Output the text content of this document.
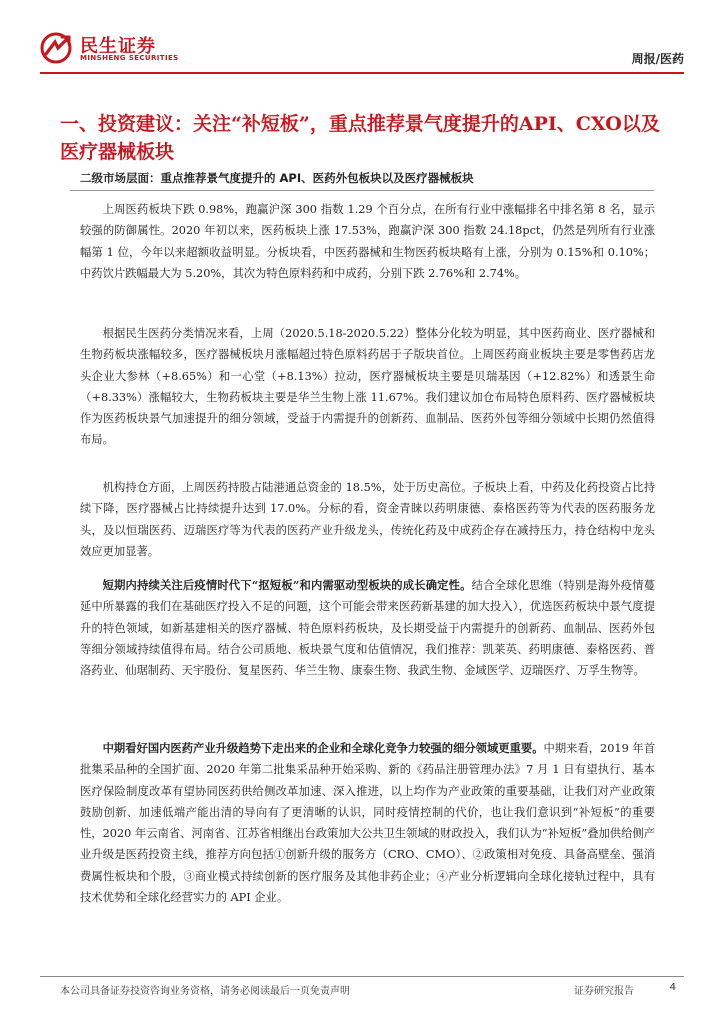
民生证券
MINSHENG SECURITIES	周报/医药
一、投资建议：关注“补短板”，重点推荐景气度提升的API、CXO以及医疗器械板块
二级市场层面：重点推荐景气度提升的 API、医药外包板块以及医疗器械板块
上周医药板块下跌 0.98%，跑赢沪深 300 指数 1.29 个百分点，在所有行业中涨幅排名中排名第 8 名，显示较强的防御属性。2020 年初以来，医药板块上涨 17.53%，跑赢沪深 300 指数 24.18pct，仍然是列所有行业涨幅第 1 位，今年以来超额收益明显。分板块看，中医药器械和生物医药板块略有上涨，分别为 0.15%和 0.10%；中药饮片跌幅最大为 5.20%，其次为特色原料药和中成药，分别下跌 2.76%和 2.74%。
根据民生医药分类情况来看，上周（2020.5.18-2020.5.22）整体分化较为明显，其中医药商业、医疗器械和生物药板块涨幅较多，医疗器械板块月涨幅超过特色原料药居于子版块首位。上周医药商业板块主要是零售药店龙头企业大参林（+8.65%）和一心堂（+8.13%）拉动，医疗器械板块主要是贝瑞基因（+12.82%）和透景生命（+8.33%）涨幅较大，生物药板块主要是华兰生物上涨 11.67%。我们建议加仓布局特色原料药、医疗器械板块作为医药板块景气加速提升的细分领域，受益于内需提升的创新药、血制品、医药外包等细分领域中长期仍然值得布局。
机构持仓方面，上周医药持股占陆港通总资金的 18.5%，处于历史高位。子板块上看，中药及化药投资占比持续下降，医疗器械占比持续提升达到 17.0%。分标的看，资金青睐以药明康德、泰格医药等为代表的医药服务龙头，及以恒瑞医药、迈瑞医疗等为代表的医药产业升级龙头，传统化药及中成药企存在减持压力，持仓结构中龙头效应更加显著。
短期内持续关注后疫情时代下“抠短板”和内需驱动型板块的成长确定性。结合全球化思维（特别是海外疫情蔓延中所暴露的我们在基础医疗投入不足的问题，这个可能会带来医药新基建的加大投入），优选医药板块中景气度提升的特色领域，如新基建相关的医疗器械、特色原料药板块，及长期受益于内需提升的创新药、血制品、医药外包等细分领域持续值得布局。结合公司质地、板块景气度和估值情况，我们推荐：凯莱英、药明康德、泰格医药、普洛药业、仙琚制药、天宇股份、复星医药、华兰生物、康泰生物、我武生物、金域医学、迈瑞医疗、万孚生物等。
中期看好国内医药产业升级趋势下走出来的企业和全球化竞争力较强的细分领域更重要。中期来看，2019 年首批集采品种的全国扩面、2020 年第二批集采品种开始采购、新的《药品注册管理办法》7 月 1 日有望执行、基本医疗保险制度改革有望协同医药供给侧改革加速、深入推进，以上均作为产业政策的重要基础，让我们对产业政策鼓励创新、加速低端产能出清的导向有了更清晰的认识，同时疫情控制的代价，也让我们意识到“补短板”的重要性，2020 年云南省、河南省、江苏省相继出台政策加大公共卫生领域的财政投入，我们认为“补短板”叠加供给侧产业升级是医药投资主线，推荐方向包括①创新升级的服务方（CRO、CMO）、②政策相对免疫、具备高壁垒、强消费属性板块和个股，③商业模式持续创新的医疗服务及其他非药企业；④产业分析逻辑向全球化接轨过程中，具有技术优势和全球化经营实力的 API 企业。
本公司具备证券投资咨询业务资格，请务必阅读最后一页免责声明	证券研究报告	4
